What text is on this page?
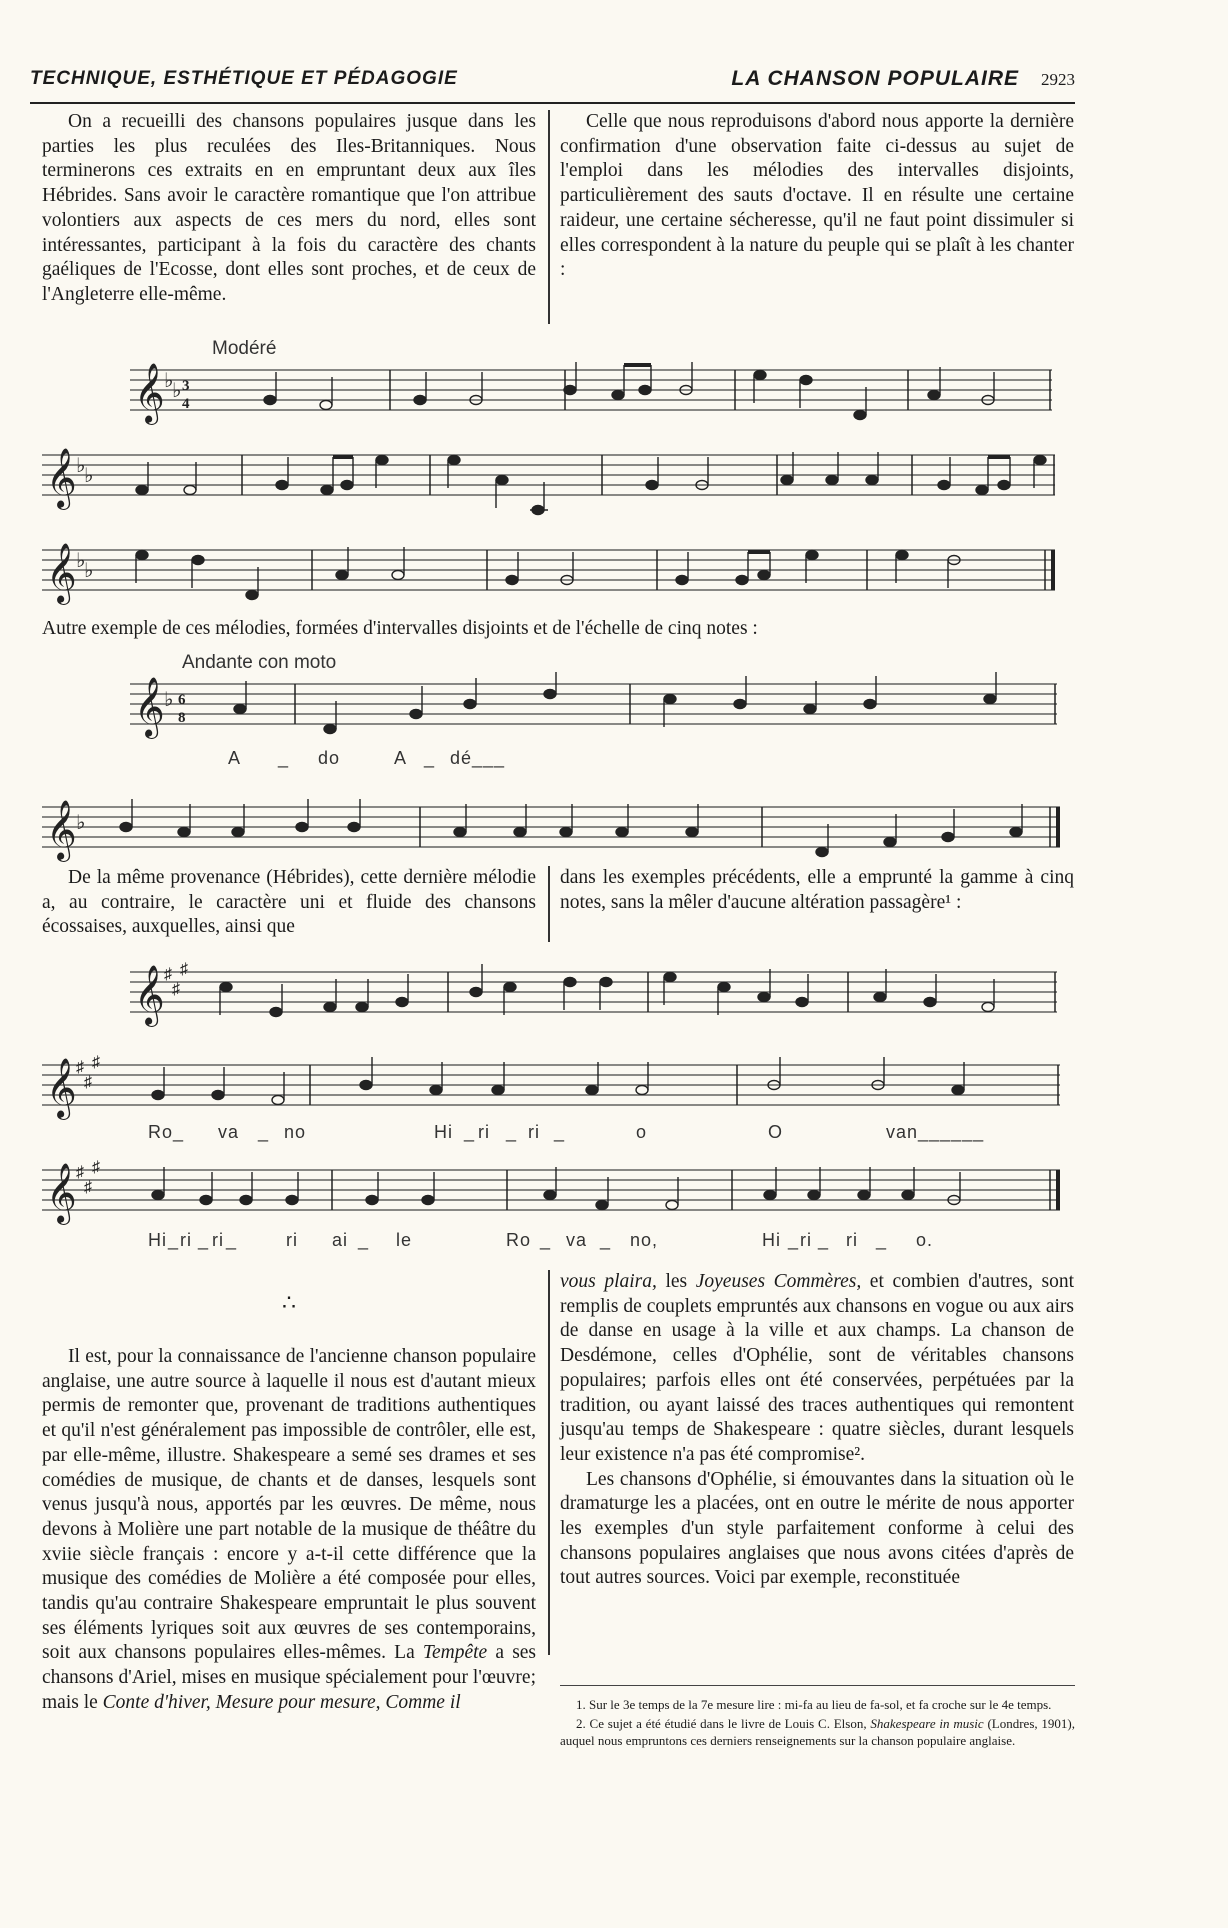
TECHNIQUE, ESTHÉTIQUE ET PÉDAGOGIE	LA CHANSON POPULAIRE 2923

On a recueilli des chansons populaires jusque dans les parties les plus reculées des Iles-Britanniques. Nous terminerons ces extraits en en empruntant deux aux îles Hébrides. Sans avoir le caractère romantique que l'on attribue volontiers aux aspects de ces mers du nord, elles sont intéressantes, participant à la fois du caractère des chants gaéliques de l'Ecosse, dont elles sont proches, et de ceux de l'Angleterre elle-même.

Celle que nous reproduisons d'abord nous apporte la dernière confirmation d'une observation faite ci-dessus au sujet de l'emploi dans les mélodies des intervalles disjoints, particulièrement des sauts d'octave. Il en résulte une certaine raideur, une certaine sécheresse, qu'il ne faut point dissimuler si elles correspondent à la nature du peuple qui se plaît à les chanter :

Modéré
𝄞 ♭
♭ 3
4
𝄞 ♭
♭
𝄞 ♭
♭
Autre exemple de ces mélodies, formées d'intervalles disjoints et de l'échelle de cinq notes :
Andante con moto
𝄞 ♭ 6
8
A _ do	A _ dé___
𝄞 ♭

De la même provenance (Hébrides), cette dernière mélodie a, au contraire, le caractère uni et fluide des chansons écossaises, auxquelles, ainsi que

dans les exemples précédents, elle a emprunté la gamme à cinq notes, sans la mêler d'aucune altération passagère¹ :

𝄞 ♯
♯
♯
𝄞 ♯
♯
♯
Ro_ va _ no	Hi _ ri _ ri _	o	O	van______
𝄞 ♯
♯
♯
Hi _ ri _ ri _	ri ai _ le	Ro _ va _ no,	Hi _ ri _ ri _ o.
∴

Il est, pour la connaissance de l'ancienne chanson populaire anglaise, une autre source à laquelle il nous est d'autant mieux permis de remonter que, provenant de traditions authentiques et qu'il n'est généralement pas impossible de contrôler, elle est, par elle-même, illustre. Shakespeare a semé ses drames et ses comédies de musique, de chants et de danses, lesquels sont venus jusqu'à nous, apportés par les œuvres. De même, nous devons à Molière une part notable de la musique de théâtre du xviie siècle français : encore y a-t-il cette différence que la musique des comédies de Molière a été composée pour elles, tandis qu'au contraire Shakespeare empruntait le plus souvent ses éléments lyriques soit aux œuvres de ses contemporains, soit aux chansons populaires elles-mêmes. La Tempête a ses chansons d'Ariel, mises en musique spécialement pour l'œuvre; mais le Conte d'hiver, Mesure pour mesure, Comme il

vous plaira, les Joyeuses Commères, et combien d'autres, sont remplis de couplets empruntés aux chansons en vogue ou aux airs de danse en usage à la ville et aux champs. La chanson de Desdémone, celles d'Ophélie, sont de véritables chansons populaires; parfois elles ont été conservées, perpétuées par la tradition, ou ayant laissé des traces authentiques qui remontent jusqu'au temps de Shakespeare : quatre siècles, durant lesquels leur existence n'a pas été compromise².

Les chansons d'Ophélie, si émouvantes dans la situation où le dramaturge les a placées, ont en outre le mérite de nous apporter les exemples d'un style parfaitement conforme à celui des chansons populaires anglaises que nous avons citées d'après de tout autres sources. Voici par exemple, reconstituée

1. Sur le 3e temps de la 7e mesure lire : mi-fa au lieu de fa-sol, et fa croche sur le 4e temps.

2. Ce sujet a été étudié dans le livre de Louis C. Elson, Shakespeare in music (Londres, 1901), auquel nous empruntons ces derniers renseignements sur la chanson populaire anglaise.
